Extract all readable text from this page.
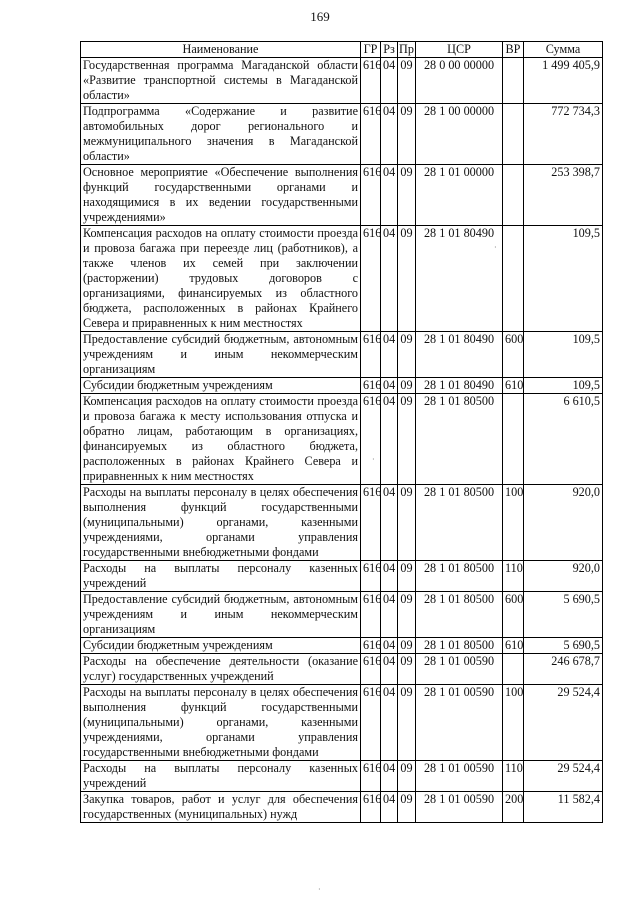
169
Наименование	ГР	Рз	Пр	ЦСР	ВР	Сумма
Государственная программа Магаданской области «Развитие транспортной системы в Магаданской области»	616	04	09	28 0 00 00000		1 499 405,9
Подпрограмма «Содержание и развитие автомобильных дорог регионального и межмуниципального значения в Магаданской области»	616	04	09	28 1 00 00000		772 734,3
Основное мероприятие «Обеспечение выполнения функций государственными органами и находящимися в их ведении государственными учреждениями»	616	04	09	28 1 01 00000		253 398,7
Компенсация расходов на оплату стоимости проезда и провоза багажа при переезде лиц (работников), а также членов их семей при заключении (расторжении) трудовых договоров с организациями, финансируемых из областного бюджета, расположенных в районах Крайнего Севера и приравненных к ним местностях	616	04	09	28 1 01 80490		109,5
Предоставление субсидий бюджетным, автономным учреждениям и иным некоммерческим организациям	616	04	09	28 1 01 80490	600	109,5
Субсидии бюджетным учреждениям	616	04	09	28 1 01 80490	610	109,5
Компенсация расходов на оплату стоимости проезда и провоза багажа к месту использования отпуска и обратно лицам, работающим в организациях, финансируемых из областного бюджета, расположенных в районах Крайнего Севера и приравненных к ним местностях	616	04	09	28 1 01 80500		6 610,5
Расходы на выплаты персоналу в целях обеспечения выполнения функций государственными (муниципальными) органами, казенными учреждениями, органами управления государственными внебюджетными фондами	616	04	09	28 1 01 80500	100	920,0
Расходы на выплаты персоналу казенных учреждений	616	04	09	28 1 01 80500	110	920,0
Предоставление субсидий бюджетным, автономным учреждениям и иным некоммерческим организациям	616	04	09	28 1 01 80500	600	5 690,5
Субсидии бюджетным учреждениям	616	04	09	28 1 01 80500	610	5 690,5
Расходы на обеспечение деятельности (оказание услуг) государственных учреждений	616	04	09	28 1 01 00590		246 678,7
Расходы на выплаты персоналу в целях обеспечения выполнения функций государственными (муниципальными) органами, казенными учреждениями, органами управления государственными внебюджетными фондами	616	04	09	28 1 01 00590	100	29 524,4
Расходы на выплаты персоналу казенных учреждений	616	04	09	28 1 01 00590	110	29 524,4
Закупка товаров, работ и услуг для обеспечения государственных (муниципальных) нужд	616	04	09	28 1 01 00590	200	11 582,4
·
·
·
